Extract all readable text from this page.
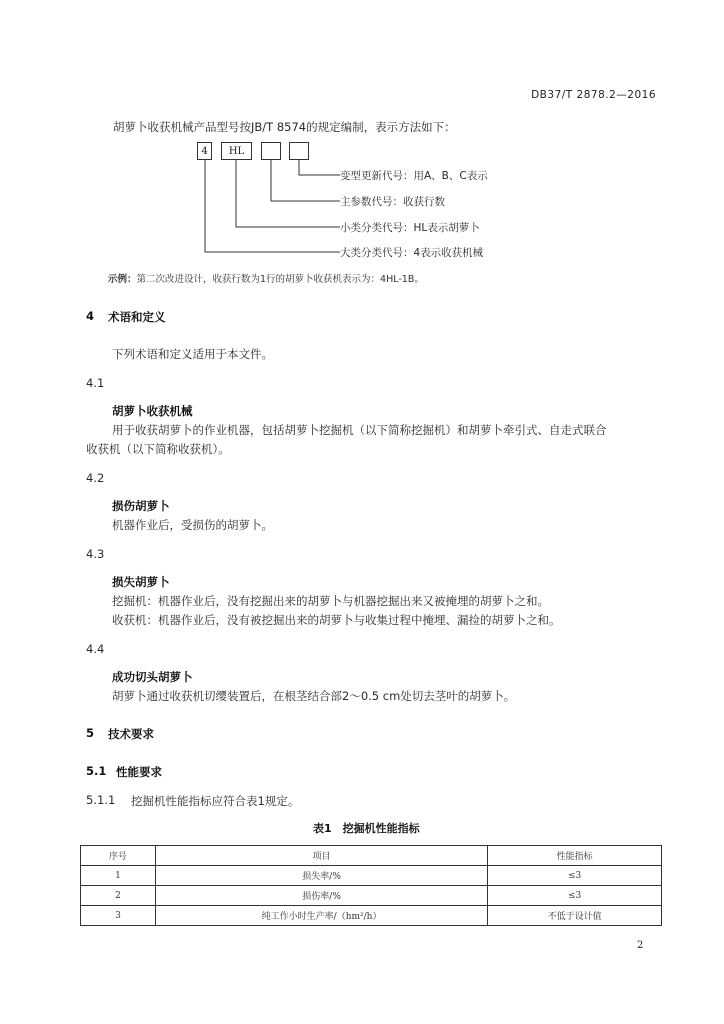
DB37/T 2878.2—2016
胡萝卜收获机械产品型号按JB/T 8574的规定编制，表示方法如下：
4	HL
变型更新代号：用A、B、C表示
主参数代号：收获行数
小类分类代号：HL表示胡萝卜
大类分类代号：4表示收获机械
示例：第二次改进设计，收获行数为1行的胡萝卜收获机表示为：4HL-1B。
4 术语和定义
下列术语和定义适用于本文件。
4.1
胡萝卜收获机械
用于收获胡萝卜的作业机器，包括胡萝卜挖掘机（以下简称挖掘机）和胡萝卜牵引式、自走式联合
收获机（以下简称收获机）。
4.2
损伤胡萝卜
机器作业后，受损伤的胡萝卜。
4.3
损失胡萝卜
挖掘机：机器作业后，没有挖掘出来的胡萝卜与机器挖掘出来又被掩埋的胡萝卜之和。
收获机：机器作业后，没有被挖掘出来的胡萝卜与收集过程中掩埋、漏捡的胡萝卜之和。
4.4
成功切头胡萝卜
胡萝卜通过收获机切缨装置后，在根茎结合部2～0.5 cm处切去茎叶的胡萝卜。
5 技术要求
5.1 性能要求
5.1.1 挖掘机性能指标应符合表1规定。
表1　挖掘机性能指标
序号	项目	性能指标
1	损失率/%	≤3
2	损伤率/%	≤3
3	纯工作小时生产率/（hm²/h）	不低于设计值
2
